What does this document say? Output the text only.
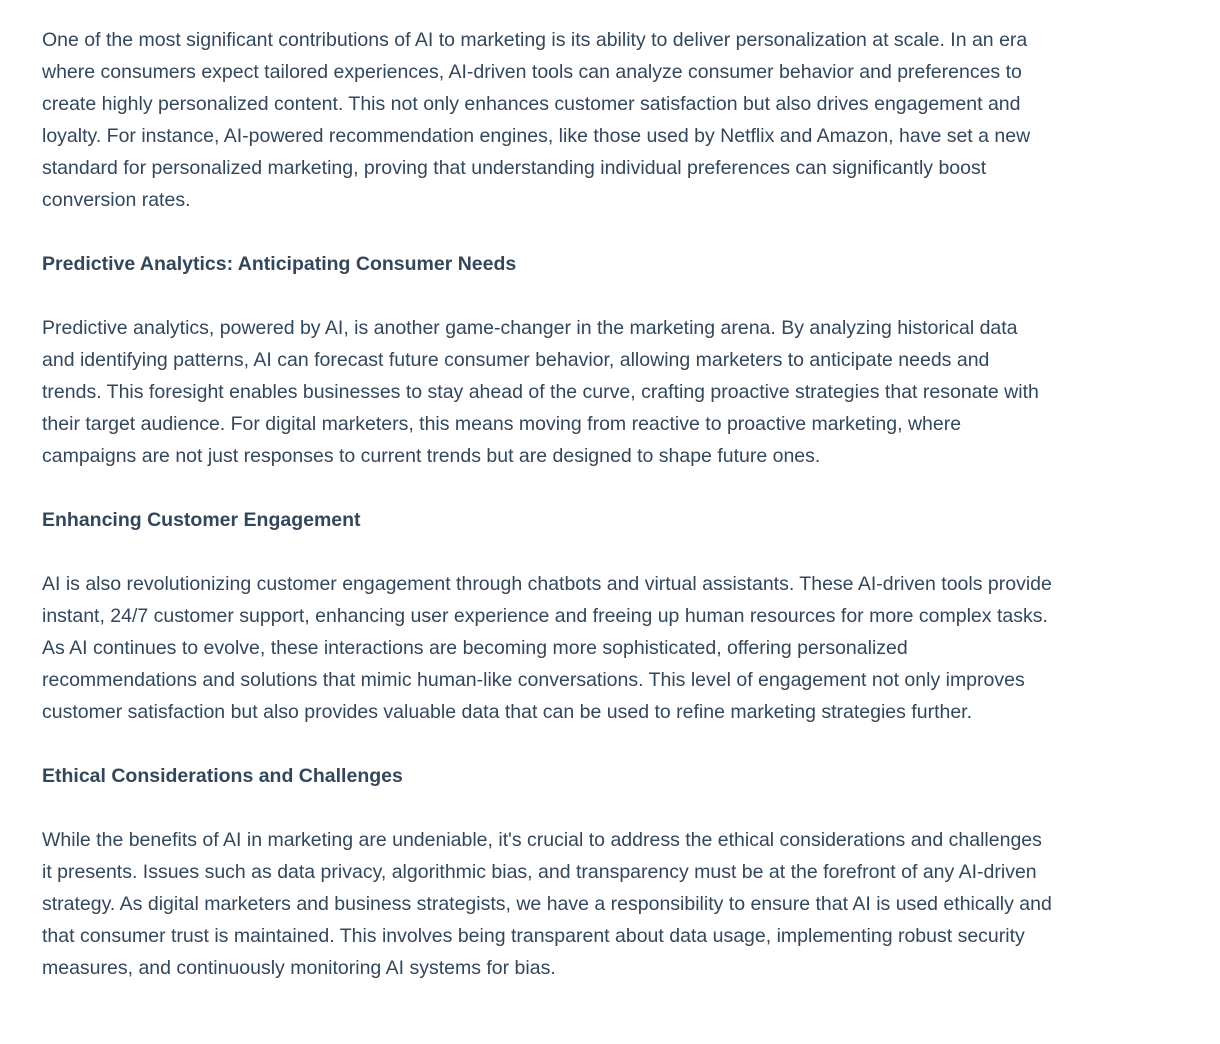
One of the most significant contributions of AI to marketing is its ability to deliver personalization at scale. In an era where consumers expect tailored experiences, AI-driven tools can analyze consumer behavior and preferences to create highly personalized content. This not only enhances customer satisfaction but also drives engagement and loyalty. For instance, AI-powered recommendation engines, like those used by Netflix and Amazon, have set a new standard for personalized marketing, proving that understanding individual preferences can significantly boost conversion rates.

Predictive Analytics: Anticipating Consumer Needs

Predictive analytics, powered by AI, is another game-changer in the marketing arena. By analyzing historical data and identifying patterns, AI can forecast future consumer behavior, allowing marketers to anticipate needs and trends. This foresight enables businesses to stay ahead of the curve, crafting proactive strategies that resonate with their target audience. For digital marketers, this means moving from reactive to proactive marketing, where campaigns are not just responses to current trends but are designed to shape future ones.

Enhancing Customer Engagement

AI is also revolutionizing customer engagement through chatbots and virtual assistants. These AI-driven tools provide instant, 24/7 customer support, enhancing user experience and freeing up human resources for more complex tasks. As AI continues to evolve, these interactions are becoming more sophisticated, offering personalized recommendations and solutions that mimic human-like conversations. This level of engagement not only improves customer satisfaction but also provides valuable data that can be used to refine marketing strategies further.

Ethical Considerations and Challenges

While the benefits of AI in marketing are undeniable, it's crucial to address the ethical considerations and challenges it presents. Issues such as data privacy, algorithmic bias, and transparency must be at the forefront of any AI-driven strategy. As digital marketers and business strategists, we have a responsibility to ensure that AI is used ethically and that consumer trust is maintained. This involves being transparent about data usage, implementing robust security measures, and continuously monitoring AI systems for bias.
